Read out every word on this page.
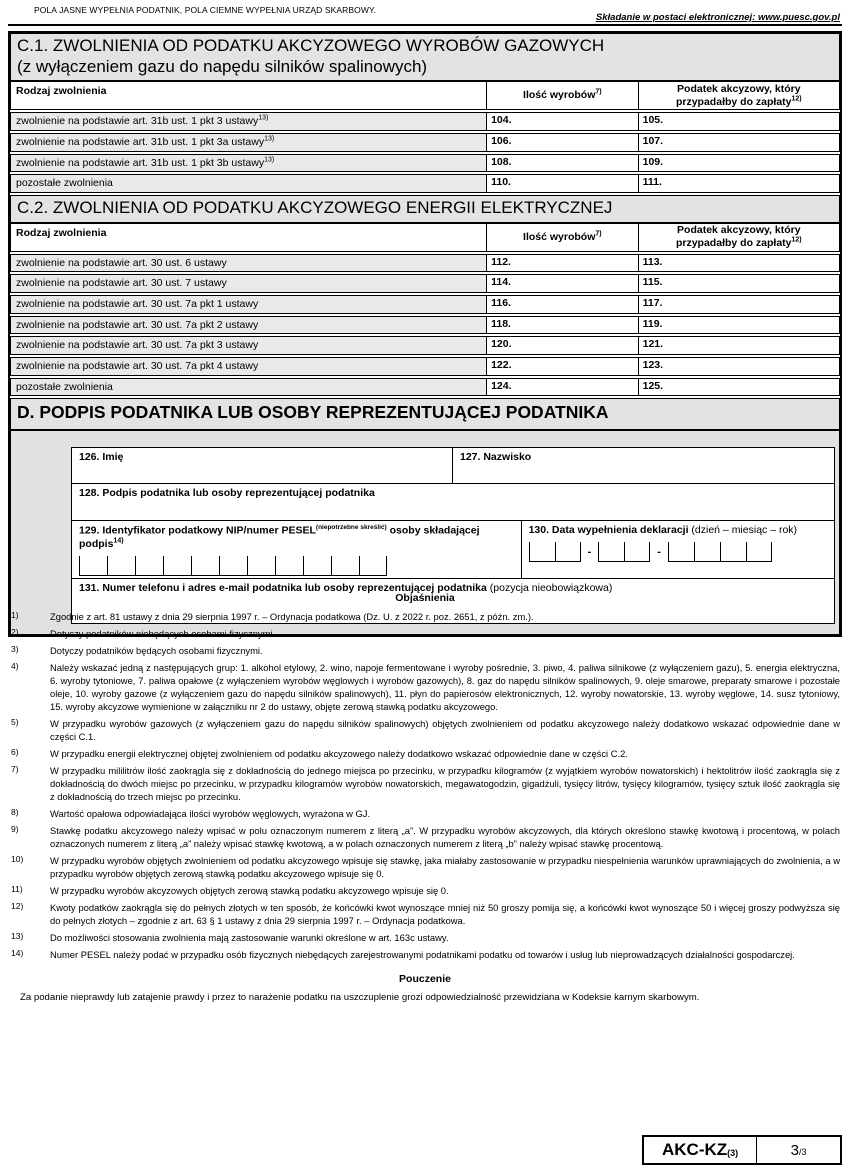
POLA JASNE WYPEŁNIA PODATNIK, POLA CIEMNE WYPEŁNIA URZĄD SKARBOWY.
Składanie w postaci elektronicznej: www.puesc.gov.pl
C.1. ZWOLNIENIA OD PODATKU AKCYZOWEGO WYROBÓW GAZOWYCH
(z wyłączeniem gazu do napędu silników spalinowych)
Rodzaj zwolnienia	Ilość wyrobów$^{7)}$	Podatek akcyzowy, który
przypadałby do zapłaty$^{12)}$
zwolnienie na podstawie art. 31b ust. 1 pkt 3 ustawy$^{13)}$	104.	105.
zwolnienie na podstawie art. 31b ust. 1 pkt 3a ustawy$^{13)}$	106.	107.
zwolnienie na podstawie art. 31b ust. 1 pkt 3b ustawy$^{13)}$	108.	109.
pozostałe zwolnienia	110.	111.
C.2. ZWOLNIENIA OD PODATKU AKCYZOWEGO ENERGII ELEKTRYCZNEJ
Rodzaj zwolnienia	Ilość wyrobów$^{7)}$	Podatek akcyzowy, który
przypadałby do zapłaty$^{12)}$
zwolnienie na podstawie art. 30 ust. 6 ustawy	112.	113.
zwolnienie na podstawie art. 30 ust. 7 ustawy	114.	115.
zwolnienie na podstawie art. 30 ust. 7a pkt 1 ustawy	116.	117.
zwolnienie na podstawie art. 30 ust. 7a pkt 2 ustawy	118.	119.
zwolnienie na podstawie art. 30 ust. 7a pkt 3 ustawy	120.	121.
zwolnienie na podstawie art. 30 ust. 7a pkt 4 ustawy	122.	123.
pozostałe zwolnienia	124.	125.
D. PODPIS PODATNIKA LUB OSOBY REPREZENTUJĄCEJ PODATNIKA
126. Imię	127. Nazwisko
128. Podpis podatnika lub osoby reprezentującej podatnika
129. Identyfikator podatkowy NIP/numer $PESEL^{(niepotrzebne skreślić)}$ osoby składającej podpis$^{14)}$
130. Data wypełnienia deklaracji (dzień – miesiąc – rok)
-	-
131. Numer telefonu i adres e-mail podatnika lub osoby reprezentującej podatnika (pozycja nieobowiązkowa)
Objaśnienia
1)	Zgodnie z art. 81 ustawy z dnia 29 sierpnia 1997 r. – Ordynacja podatkowa (Dz. U. z 2022 r. poz. 2651, z późn. zm.).
2)	Dotyczy podatników niebędących osobami fizycznymi.
3)	Dotyczy podatników będących osobami fizycznymi.
4)	Należy wskazać jedną z następujących grup: 1. alkohol etylowy, 2. wino, napoje fermentowane i wyroby pośrednie, 3. piwo, 4. paliwa silnikowe (z wyłączeniem gazu), 5. energia elektryczna, 6. wyroby tytoniowe, 7. paliwa opałowe (z wyłączeniem wyrobów węglowych i wyrobów gazowych), 8. gaz do napędu silników spalinowych, 9. oleje smarowe, preparaty smarowe i pozostałe oleje, 10. wyroby gazowe (z wyłączeniem gazu do napędu silników spalinowych), 11. płyn do papierosów elektronicznych, 12. wyroby nowatorskie, 13. wyroby węglowe, 14. susz tytoniowy, 15. wyroby akcyzowe wymienione w załączniku nr 2 do ustawy, objęte zerową stawką podatku akcyzowego.
5)	W przypadku wyrobów gazowych (z wyłączeniem gazu do napędu silników spalinowych) objętych zwolnieniem od podatku akcyzowego należy dodatkowo wskazać odpowiednie dane w części C.1.
6)	W przypadku energii elektrycznej objętej zwolnieniem od podatku akcyzowego należy dodatkowo wskazać odpowiednie dane w części C.2.
7)	W przypadku mililitrów ilość zaokrągla się z dokładnością do jednego miejsca po przecinku, w przypadku kilogramów (z wyjątkiem wyrobów nowatorskich) i hektolitrów ilość zaokrągla się z dokładnością do dwóch miejsc po przecinku, w przypadku kilogramów wyrobów nowatorskich, megawatogodzin, gigadżuli, tysięcy litrów, tysięcy kilogramów, tysięcy sztuk ilość zaokrągla się z dokładnością do trzech miejsc po przecinku.
8)	Wartość opałowa odpowiadająca ilości wyrobów węglowych, wyrażona w GJ.
9)	Stawkę podatku akcyzowego należy wpisać w polu oznaczonym numerem z literą „a”. W przypadku wyrobów akcyzowych, dla których określono stawkę kwotową i procentową, w polach oznaczonych numerem z literą „a” należy wpisać stawkę kwotową, a w polach oznaczonych numerem z literą „b” należy wpisać stawkę procentową.
10)	W przypadku wyrobów objętych zwolnieniem od podatku akcyzowego wpisuje się stawkę, jaka miałaby zastosowanie w przypadku niespełnienia warunków uprawniających do zwolnienia, a w przypadku wyrobów objętych zerową stawką podatku akcyzowego wpisuje się 0.
11)	W przypadku wyrobów akcyzowych objętych zerową stawką podatku akcyzowego wpisuje się 0.
12)	Kwoty podatków zaokrągla się do pełnych złotych w ten sposób, że końcówki kwot wynoszące mniej niż 50 groszy pomija się, a końcówki kwot wynoszące 50 i więcej groszy podwyższa się do pełnych złotych – zgodnie z art. 63 § 1 ustawy z dnia 29 sierpnia 1997 r. – Ordynacja podatkowa.
13)	Do możliwości stosowania zwolnienia mają zastosowanie warunki określone w art. 163c ustawy.
14)	Numer PESEL należy podać w przypadku osób fizycznych niebędących zarejestrowanymi podatnikami podatku od towarów i usług lub nieprowadzących działalności gospodarczej.
Pouczenie
Za podanie nieprawdy lub zatajenie prawdy i przez to narażenie podatku na uszczuplenie grozi odpowiedzialność przewidziana w Kodeksie karnym skarbowym.
AKC-KZ (3)	3 /3
